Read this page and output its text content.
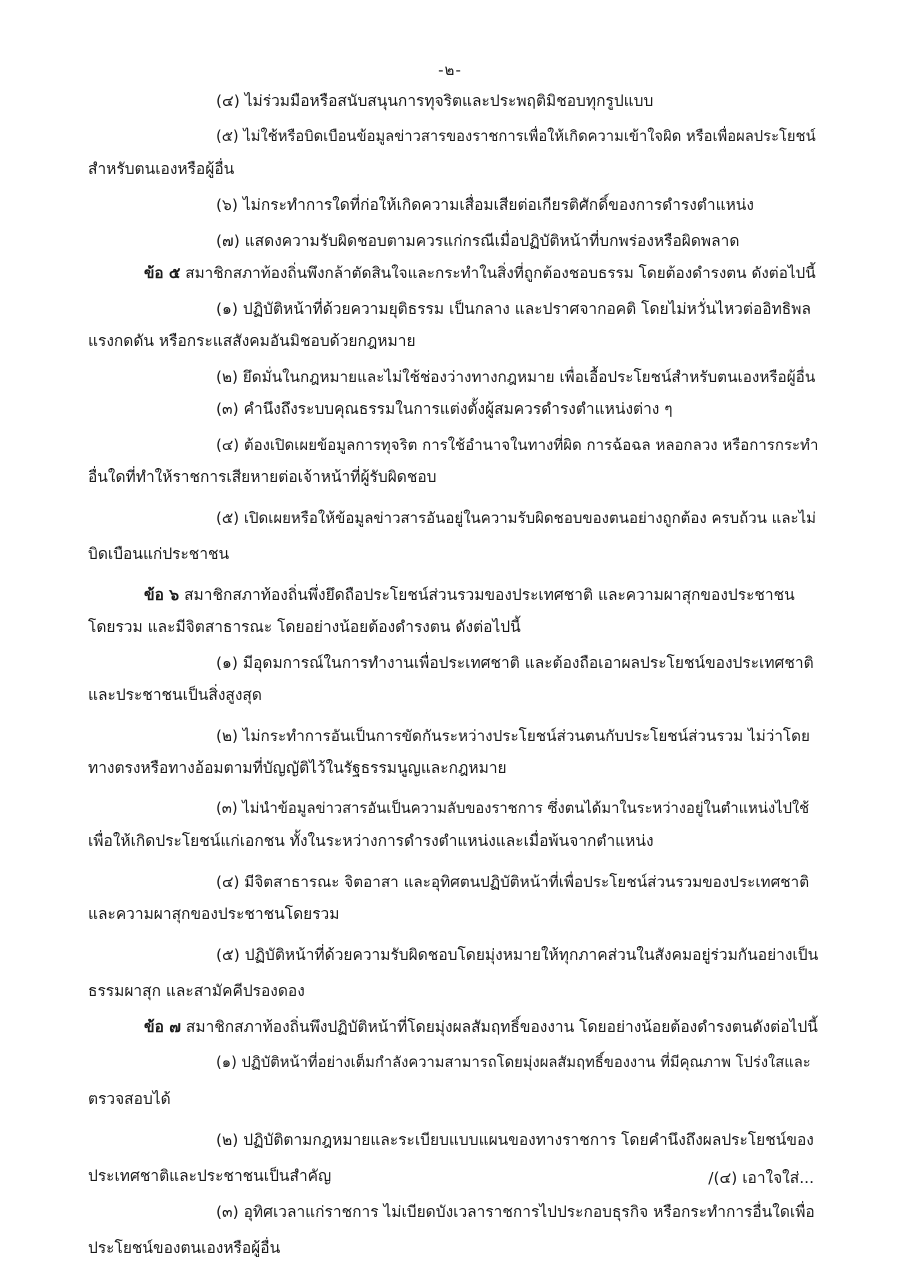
-๒-
(๔) ไม่ร่วมมือหรือสนับสนุนการทุจริตและประพฤติมิชอบทุกรูปแบบ
(๕) ไม่ใช้หรือบิดเบือนข้อมูลข่าวสารของราชการเพื่อให้เกิดความเข้าใจผิด หรือเพื่อผลประโยชน์
สำหรับตนเองหรือผู้อื่น
(๖) ไม่กระทำการใดที่ก่อให้เกิดความเสื่อมเสียต่อเกียรติศักดิ์ของการดำรงตำแหน่ง
(๗) แสดงความรับผิดชอบตามควรแก่กรณีเมื่อปฏิบัติหน้าที่บกพร่องหรือผิดพลาด
ข้อ ๕ สมาชิกสภาท้องถิ่นพึงกล้าตัดสินใจและกระทำในสิ่งที่ถูกต้องชอบธรรม โดยต้องดำรงตน ดังต่อไปนี้
(๑) ปฏิบัติหน้าที่ด้วยความยุติธรรม เป็นกลาง และปราศจากอคติ โดยไม่หวั่นไหวต่ออิทธิพล
แรงกดดัน หรือกระแสสังคมอันมิชอบด้วยกฎหมาย
(๒) ยึดมั่นในกฎหมายและไม่ใช้ช่องว่างทางกฎหมาย เพื่อเอื้อประโยชน์สำหรับตนเองหรือผู้อื่น
(๓) คำนึงถึงระบบคุณธรรมในการแต่งตั้งผู้สมควรดำรงตำแหน่งต่าง ๆ
(๔) ต้องเปิดเผยข้อมูลการทุจริต การใช้อำนาจในทางที่ผิด การฉ้อฉล หลอกลวง หรือการกระทำ
อื่นใดที่ทำให้ราชการเสียหายต่อเจ้าหน้าที่ผู้รับผิดชอบ
(๕) เปิดเผยหรือให้ข้อมูลข่าวสารอันอยู่ในความรับผิดชอบของตนอย่างถูกต้อง ครบถ้วน และไม่
บิดเบือนแก่ประชาชน
ข้อ ๖ สมาชิกสภาท้องถิ่นพึ่งยึดถือประโยชน์ส่วนรวมของประเทศชาติ และความผาสุกของประชาชน
โดยรวม และมีจิตสาธารณะ โดยอย่างน้อยต้องดำรงตน ดังต่อไปนี้
(๑) มีอุดมการณ์ในการทำงานเพื่อประเทศชาติ และต้องถือเอาผลประโยชน์ของประเทศชาติ
และประชาชนเป็นสิ่งสูงสุด
(๒) ไม่กระทำการอันเป็นการขัดกันระหว่างประโยชน์ส่วนตนกับประโยชน์ส่วนรวม ไม่ว่าโดย
ทางตรงหรือทางอ้อมตามที่บัญญัติไว้ในรัฐธรรมนูญและกฎหมาย
(๓) ไม่นำข้อมูลข่าวสารอันเป็นความลับของราชการ ซึ่งตนได้มาในระหว่างอยู่ในตำแหน่งไปใช้
เพื่อให้เกิดประโยชน์แก่เอกชน ทั้งในระหว่างการดำรงตำแหน่งและเมื่อพ้นจากตำแหน่ง
(๔) มีจิตสาธารณะ จิตอาสา และอุทิศตนปฏิบัติหน้าที่เพื่อประโยชน์ส่วนรวมของประเทศชาติ
และความผาสุกของประชาชนโดยรวม
(๕) ปฏิบัติหน้าที่ด้วยความรับผิดชอบโดยมุ่งหมายให้ทุกภาคส่วนในสังคมอยู่ร่วมกันอย่างเป็น
ธรรมผาสุก และสามัคคีปรองดอง
ข้อ ๗ สมาชิกสภาท้องถิ่นพึงปฏิบัติหน้าที่โดยมุ่งผลสัมฤทธิ์ของงาน โดยอย่างน้อยต้องดำรงตนดังต่อไปนี้
(๑) ปฏิบัติหน้าที่อย่างเต็มกำลังความสามารถโดยมุ่งผลสัมฤทธิ์ของงาน ที่มีคุณภาพ โปร่งใสและ
ตรวจสอบได้
(๒) ปฏิบัติตามกฎหมายและระเบียบแบบแผนของทางราชการ โดยคำนึงถึงผลประโยชน์ของ
ประเทศชาติและประชาชนเป็นสำคัญ
(๓) อุทิศเวลาแก่ราชการ ไม่เบียดบังเวลาราชการไปประกอบธุรกิจ หรือกระทำการอื่นใดเพื่อ
ประโยชน์ของตนเองหรือผู้อื่น
/(๔) เอาใจใส่...
